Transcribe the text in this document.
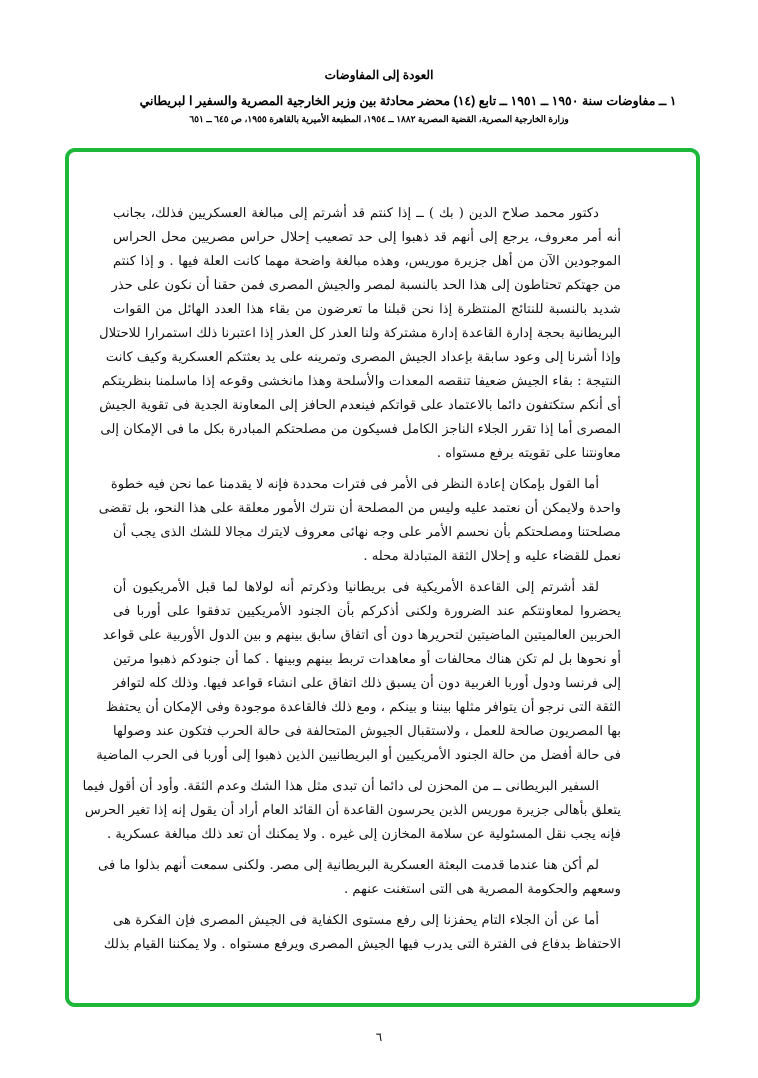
العودة إلى المفاوضات
١ ــ مفاوضات سنة ١٩٥٠ ــ ١٩٥١ ــ تابع (١٤) محضر محادثة بين وزير الخارجية المصرية والسفير ا لبريطاني
وزارة الخارجية المصرية، القضية المصرية ١٨٨٢ ــ ١٩٥٤، المطبعة الأميرية بالقاهرة ١٩٥٥، ص ٦٤٥ ــ ٦٥١
دكتور محمد صلاح الدين ( بك ) ــ إذا كنتم قد أشرتم إلى مبالغة العسكريين فذلك، بجانب
أنه أمر معروف، يرجع إلى أنهم قد ذهبوا إلى حد تصعيب إحلال حراس مصريين محل الحراس
الموجودين الآن من أهل جزيرة موريس، وهذه مبالغة واضحة مهما كانت العلة فيها . و إذا كنتم
من جهتكم تحتاطون إلى هذا الحد بالنسبة لمصر والجيش المصرى فمن حقنا أن نكون على حذر
شديد بالنسبة للنتائج المنتظرة إذا نحن قبلنا ما تعرضون من بقاء هذا العدد الهائل من القوات
البريطانية بحجة إدارة القاعدة إدارة مشتركة ولنا العذر كل العذر إذا اعتبرنا ذلك استمرارا للاحتلال
وإذا أشرنا إلى وعود سابقة بإعداد الجيش المصرى وتمرينه على يد بعثتكم العسكرية وكيف كانت
النتيجة : بقاء الجيش ضعيفا تنقصه المعدات والأسلحة وهذا مانخشى وقوعه إذا ماسلمنا بنظريتكم
أى أنكم ستكتفون دائما بالاعتماد على قواتكم فينعدم الحافز إلى المعاونة الجدية فى تقوية الجيش
المصرى أما إذا تقرر الجلاء الناجز الكامل فسيكون من مصلحتكم المبادرة بكل ما فى الإمكان إلى
معاونتنا على تقويته برفع مستواه .
أما القول بإمكان إعادة النظر فى الأمر فى فترات محددة فإنه لا يقدمنا عما نحن فيه خطوة
واحدة ولايمكن أن نعتمد عليه وليس من المصلحة أن نترك الأمور معلقة على هذا النحو، بل تقضى
مصلحتنا ومصلحتكم بأن نحسم الأمر على وجه نهائى معروف لايترك مجالا للشك الذى يجب أن
نعمل للقضاء عليه و إحلال الثقة المتبادلة محله .
لقد أشرتم إلى القاعدة الأمريكية فى بريطانيا وذكرتم أنه لولاها لما قبل الأمريكيون أن
يحضروا لمعاونتكم عند الضرورة ولكنى أذكركم بأن الجنود الأمريكيين تدفقوا على أوربا فى
الحربين العالميتين الماضيتين لتحريرها دون أى اتفاق سابق بينهم و بين الدول الأوربية على قواعد
أو نحوها بل لم تكن هناك محالفات أو معاهدات تربط بينهم وبينها . كما أن جنودكم ذهبوا مرتين
إلى فرنسا ودول أوربا الغربية دون أن يسبق ذلك اتفاق على انشاء قواعد فيها. وذلك كله لتوافر
الثقة التى نرجو أن يتوافر مثلها بيننا و بينكم ، ومع ذلك فالقاعدة موجودة وفى الإمكان أن يحتفظ
بها المصريون صالحة للعمل ، ولاستقبال الجيوش المتحالفة فى حالة الحرب فتكون عند وصولها
فى حالة أفضل من حالة الجنود الأمريكيين أو البريطانيين الذين ذهبوا إلى أوربا فى الحرب الماضية
السفير البريطانى ــ من المحزن لى دائما أن تبدى مثل هذا الشك وعدم الثقة. وأود أن أقول فيما
يتعلق بأهالى جزيرة موريس الذين يحرسون القاعدة أن القائد العام أراد أن يقول إنه إذا تغير الحرس
فإنه يجب نقل المسئولية عن سلامة المخازن إلى غيره . ولا يمكنك أن تعد ذلك مبالغة عسكرية .
لم أكن هنا عندما قدمت البعثة العسكرية البريطانية إلى مصر. ولكنى سمعت أنهم بذلوا ما فى
وسعهم والحكومة المصرية هى التى استغنت عنهم .
أما عن أن الجلاء التام يحفزنا إلى رفع مستوى الكفاية فى الجيش المصرى فإن الفكرة هى
الاحتفاظ بدفاع فى الفترة التى يدرب فيها الجيش المصرى ويرفع مستواه . ولا يمكننا القيام بذلك
٦
